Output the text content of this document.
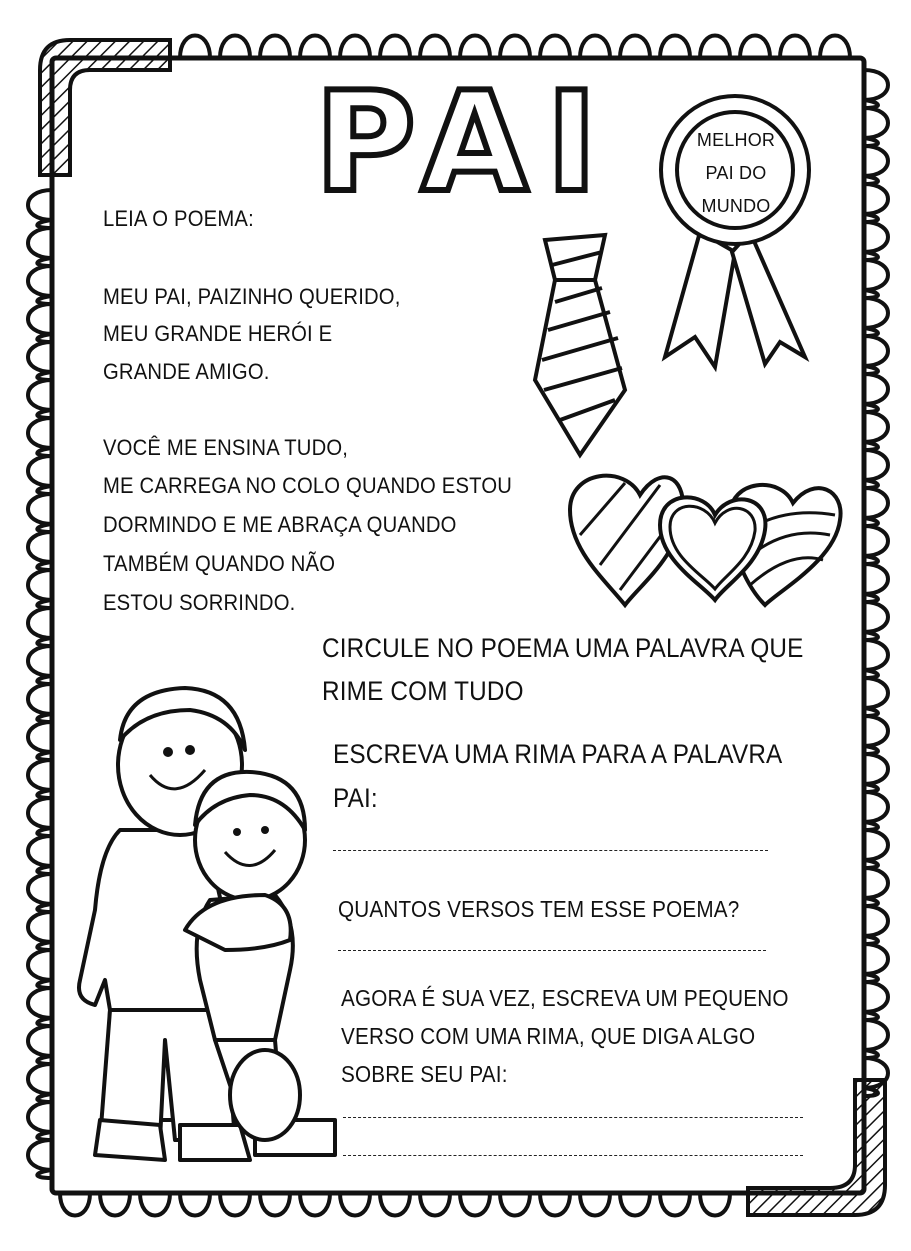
PAI	MELHOR
PAI DO
MUNDO
LEIA O POEMA:
MEU PAI, PAIZINHO QUERIDO,
MEU GRANDE HERÓI E
GRANDE AMIGO.
VOCÊ ME ENSINA TUDO,
ME CARREGA NO COLO QUANDO ESTOU
DORMINDO E ME ABRAÇA QUANDO
TAMBÉM QUANDO NÃO
ESTOU SORRINDO.
CIRCULE NO POEMA UMA PALAVRA QUE
RIME COM TUDO
ESCREVA UMA RIMA PARA A PALAVRA
PAI:
QUANTOS VERSOS TEM ESSE POEMA?
AGORA É SUA VEZ, ESCREVA UM PEQUENO
VERSO COM UMA RIMA, QUE DIGA ALGO
SOBRE SEU PAI:
